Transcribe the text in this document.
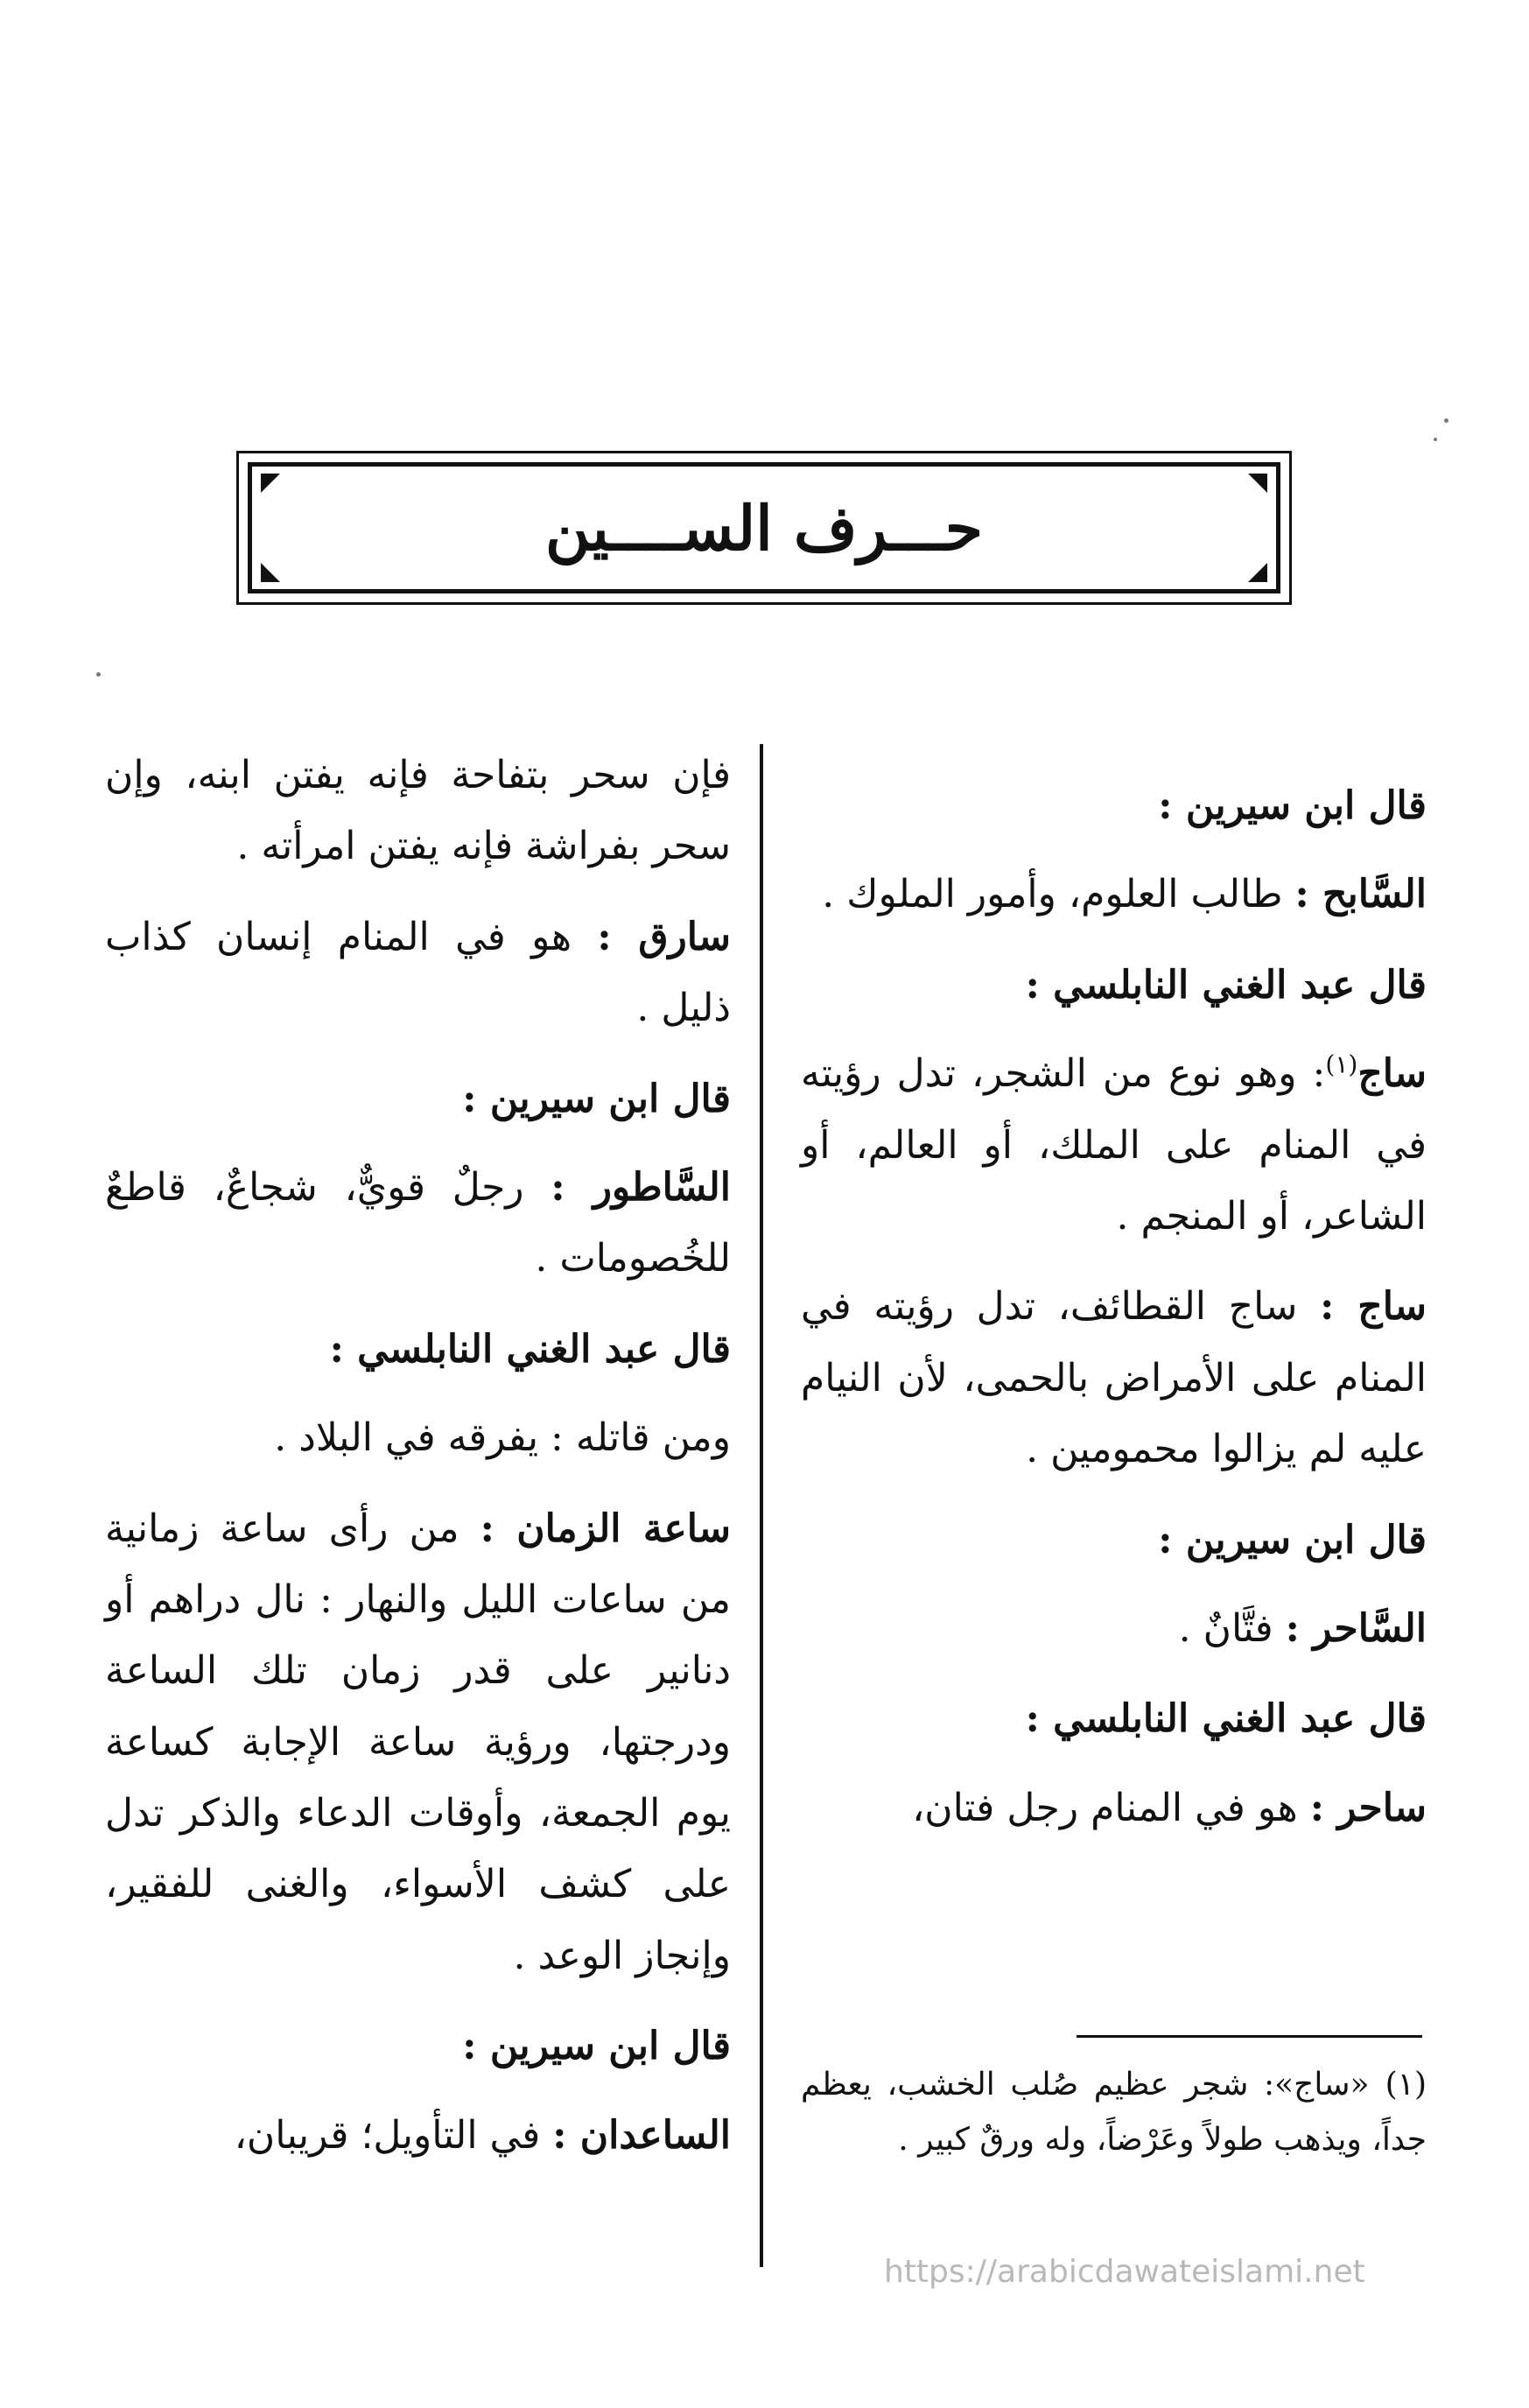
حـــرف الســــين

قال ابن سيرين :

السَّابح : طالب العلوم، وأمور الملوك .

قال عبد الغني النابلسي :

ساج$^{(١)}$: وهو نوع من الشجر، تدل رؤيته في المنام على الملك، أو العالم، أو الشاعر، أو المنجم .

ساج : ساج القطائف، تدل رؤيته في المنام على الأمراض بالحمى، لأن النيام عليه لم يزالوا محمومين .

قال ابن سيرين :

السَّاحر : فتَّانٌ .

قال عبد الغني النابلسي :

ساحر : هو في المنام رجل فتان،

فإن سحر بتفاحة فإنه يفتن ابنه، وإن سحر بفراشة فإنه يفتن امرأته .

سارق : هو في المنام إنسان كذاب ذليل .

قال ابن سيرين :

السَّاطور : رجلٌ قويٌّ، شجاعٌ، قاطعٌ للخُصومات .

قال عبد الغني النابلسي :

ومن قاتله : يفرقه في البلاد .

ساعة الزمان : من رأى ساعة زمانية من ساعات الليل والنهار : نال دراهم أو دنانير على قدر زمان تلك الساعة ودرجتها، ورؤية ساعة الإجابة كساعة يوم الجمعة، وأوقات الدعاء والذكر تدل على كشف الأسواء، والغنى للفقير، وإنجاز الوعد .

قال ابن سيرين :

الساعدان : في التأويل؛ قريبان،

(١)«ساج»: شجر عظيم صُلب الخشب، يعظم جداً، ويذهب طولاً وعَرْضاً، وله ورقٌ كبير .
https://arabicdawateislami.net
